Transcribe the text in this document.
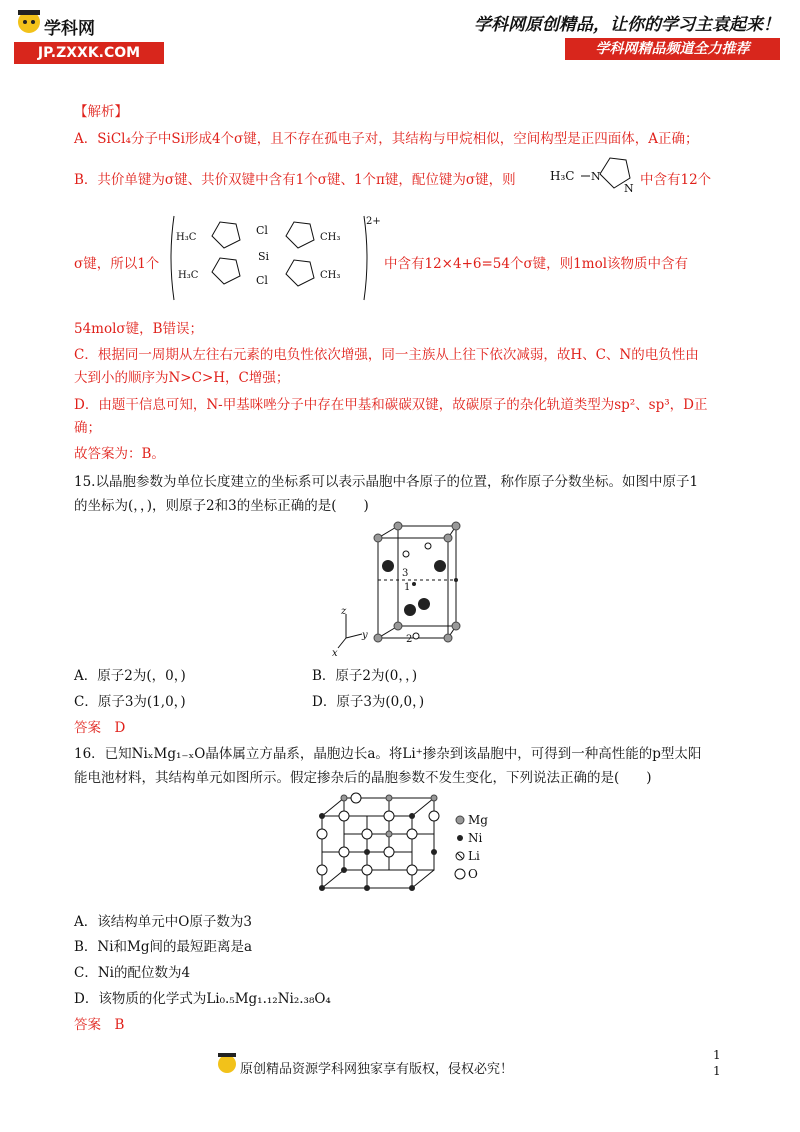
学科网
JP.ZXXK.COM
学科网原创精品，让你的学习主袁起来！
学科网精品频道全力推荐
【解析】
A．SiCl₄分子中Si形成4个σ键，且不存在孤电子对，其结构与甲烷相似，空间构型是正四面体，A正确；
B．共价单键为σ键、共价双键中含有1个σ键、1个π键，配位键为σ键，则	H₃C N
N
中含有12个
σ键，所以1个
2+
Cl
Si
Cl
H₃C
H₃C
CH₃
CH₃
中含有12×4+6=54个σ键，则1mol该物质中含有
54molσ键，B错误；
C．根据同一周期从左往右元素的电负性依次增强，同一主族从上往下依次减弱，故H、C、N的电负性由
大到小的顺序为N>C>H，C增强；
D．由题干信息可知，N-甲基咪唑分子中存在甲基和碳碳双键，故碳原子的杂化轨道类型为sp²、sp³，D正
确；
故答案为：B。
15.以晶胞参数为单位长度建立的坐标系可以表示晶胞中各原子的位置，称作原子分数坐标。如图中原子1
的坐标为(，，)，则原子2和3的坐标正确的是(　　)
3
1
2
z
y
x
A．原子2为(，0，)	B．原子2为(0，，)
C．原子3为(1,0，)	D．原子3为(0,0，)
答案　D
16．已知NiₓMg₁₋ₓO晶体属立方晶系，晶胞边长a。将Li⁺掺杂到该晶胞中，可得到一种高性能的p型太阳
能电池材料，其结构单元如图所示。假定掺杂后的晶胞参数不发生变化，下列说法正确的是(　　)
Mg
Ni
Li
O
A．该结构单元中O原子数为3
B．Ni和Mg间的最短距离是a
C．Ni的配位数为4
D．该物质的化学式为Li₀.₅Mg₁.₁₂Ni₂.₃₈O₄
答案　B
原创精品资源学科网独家享有版权，侵权必究！
1
1
